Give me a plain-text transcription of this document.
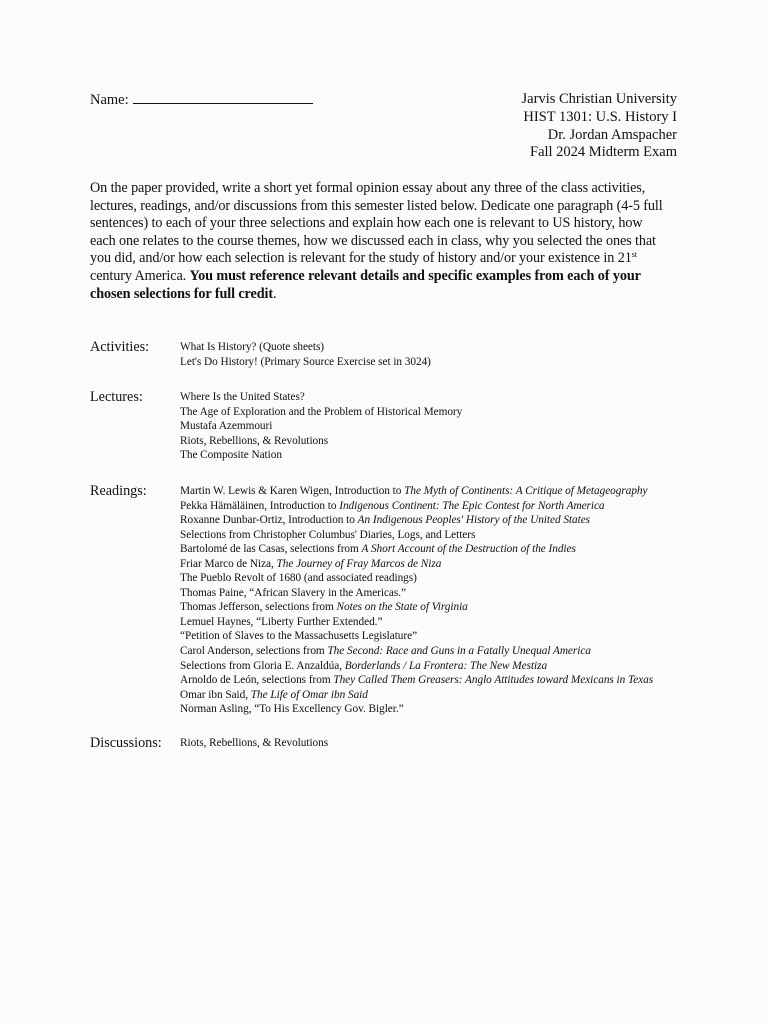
Name:	Jarvis Christian University
HIST 1301: U.S. History I
Dr. Jordan Amspacher
Fall 2024 Midterm Exam
On the paper provided, write a short yet formal opinion essay about any three of the class activities, lectures, readings, and/or discussions from this semester listed below. Dedicate one paragraph (4-5 full sentences) to each of your three selections and explain how each one is relevant to US history, how each one relates to the course themes, how we discussed each in class, why you selected the ones that you did, and/or how each selection is relevant for the study of history and/or your existence in 21st century America. You must reference relevant details and specific examples from each of your chosen selections for full credit.
Activities:	What Is History? (Quote sheets)
Let's Do History! (Primary Source Exercise set in 3024)
Lectures:	Where Is the United States?
The Age of Exploration and the Problem of Historical Memory
Mustafa Azemmouri
Riots, Rebellions, & Revolutions
The Composite Nation
Readings:	Martin W. Lewis & Karen Wigen, Introduction to The Myth of Continents: A Critique of Metageography
Pekka Hämäläinen, Introduction to Indigenous Continent: The Epic Contest for North America
Roxanne Dunbar-Ortiz, Introduction to An Indigenous Peoples' History of the United States
Selections from Christopher Columbus' Diaries, Logs, and Letters
Bartolomé de las Casas, selections from A Short Account of the Destruction of the Indies
Friar Marco de Niza, The Journey of Fray Marcos de Niza
The Pueblo Revolt of 1680 (and associated readings)
Thomas Paine, “African Slavery in the Americas.”
Thomas Jefferson, selections from Notes on the State of Virginia
Lemuel Haynes, “Liberty Further Extended.”
“Petition of Slaves to the Massachusetts Legislature”
Carol Anderson, selections from The Second: Race and Guns in a Fatally Unequal America
Selections from Gloria E. Anzaldúa, Borderlands / La Frontera: The New Mestiza
Arnoldo de León, selections from They Called Them Greasers: Anglo Attitudes toward Mexicans in Texas
Omar ibn Said, The Life of Omar ibn Said
Norman Asling, “To His Excellency Gov. Bigler.”
Discussions: Riots, Rebellions, & Revolutions
